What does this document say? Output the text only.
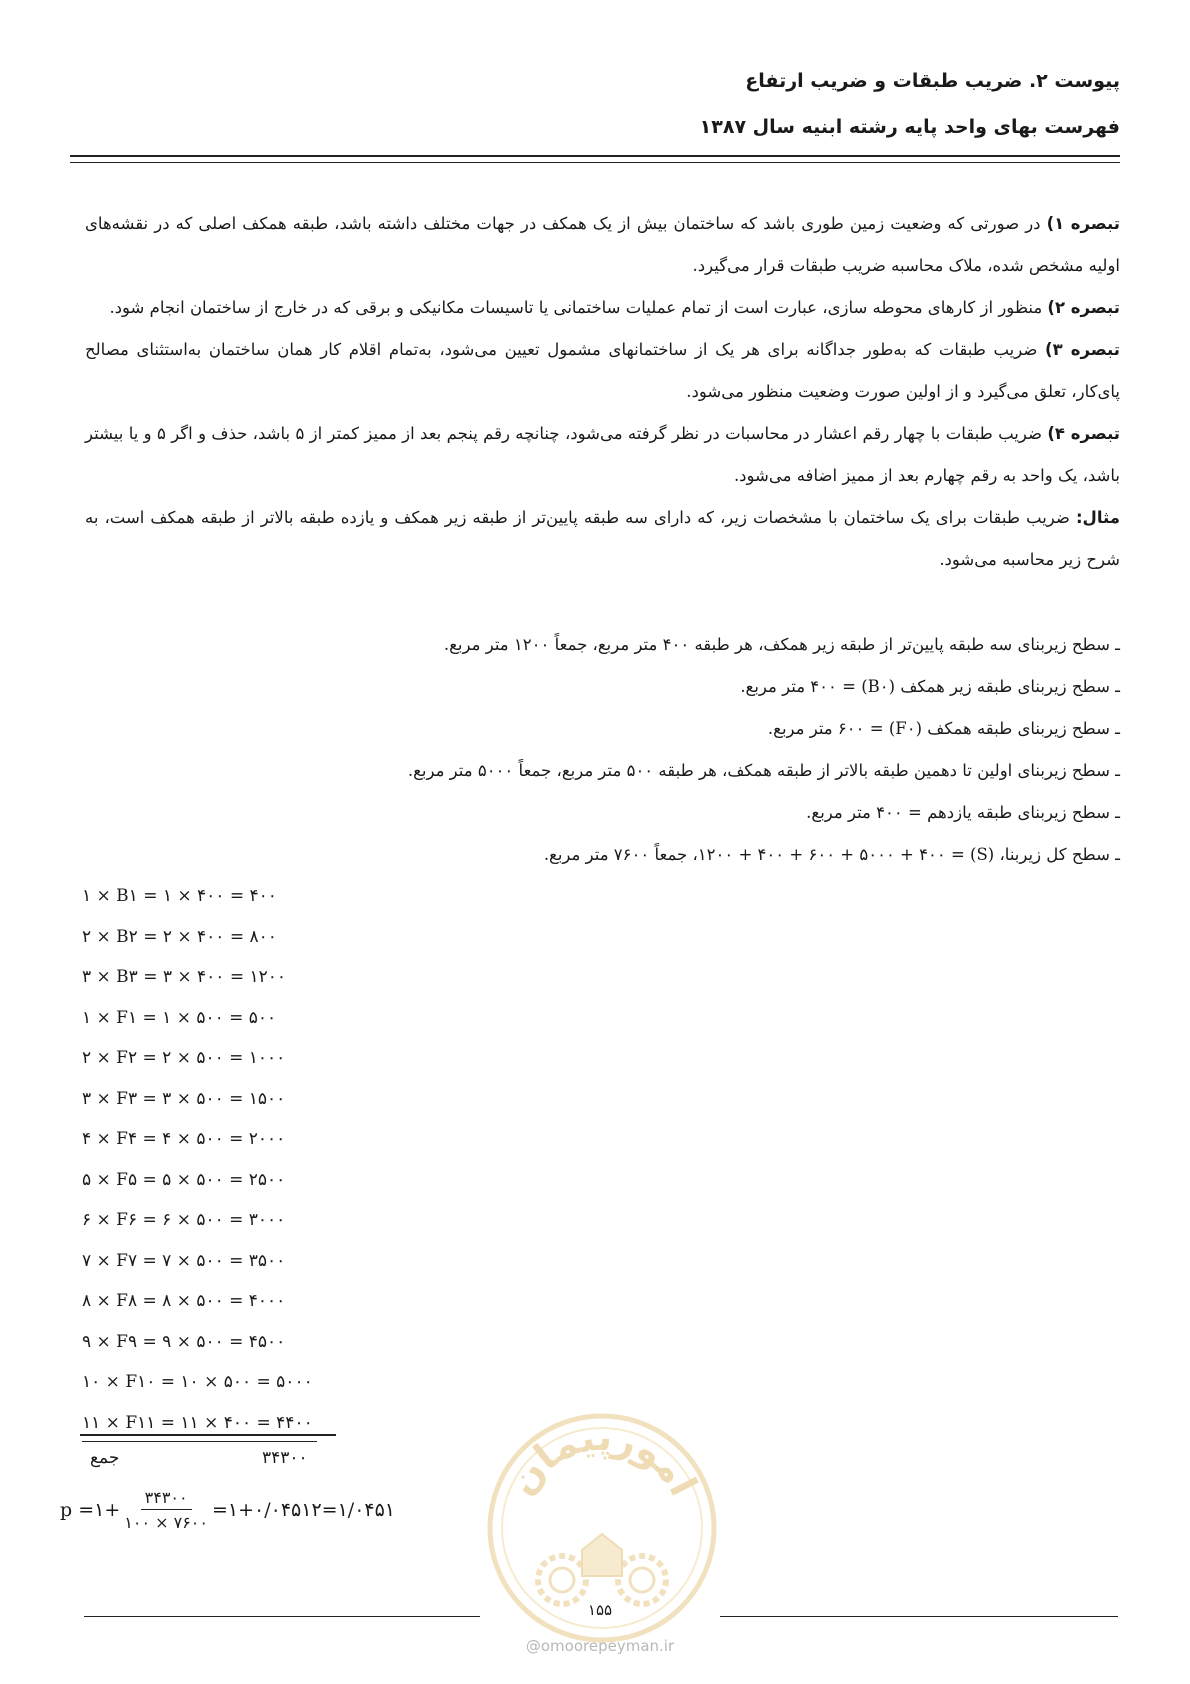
پیوست ۲. ضریب طبقات و ضریب ارتفاع
فهرست بهای واحد پایه رشته ابنیه سال ۱۳۸۷

تبصره ۱) در صورتی که وضعیت زمین طوری باشد که ساختمان بیش از یک همکف در جهات مختلف داشته باشد، طبقه همکف اصلی که در نقشه‌های اولیه مشخص شده، ملاک محاسبه ضریب طبقات قرار می‌گیرد.

تبصره ۲) منظور از کارهای محوطه سازی، عبارت است از تمام عملیات ساختمانی یا تاسیسات مکانیکی و برقی که در خارج از ساختمان انجام شود.

تبصره ۳) ضریب طبقات که به‌طور جداگانه برای هر یک از ساختمانهای مشمول تعیین می‌شود، به‌تمام اقلام کار همان ساختمان به‌استثنای مصالح پای‌کار، تعلق می‌گیرد و از اولین صورت وضعیت منظور می‌شود.

تبصره ۴) ضریب طبقات با چهار رقم اعشار در محاسبات در نظر گرفته می‌شود، چنانچه رقم پنجم بعد از ممیز کمتر از ۵ باشد، حذف و اگر ۵ و یا بیشتر باشد، یک واحد به رقم چهارم بعد از ممیز اضافه می‌شود.

مثال: ضریب طبقات برای یک ساختمان با مشخصات زیر، که دارای سه طبقه پایین‌تر از طبقه زیر همکف و یازده طبقه بالاتر از طبقه همکف است، به شرح زیر محاسبه می‌شود.

ـ سطح زیربنای سه طبقه پایین‌تر از طبقه زیر همکف، هر طبقه ۴۰۰ متر مربع، جمعاً ۱۲۰۰ متر مربع.

ـ سطح زیربنای طبقه زیر همکف (B۰) = ۴۰۰ متر مربع.

ـ سطح زیربنای طبقه همکف (F۰) = ۶۰۰ متر مربع.

ـ سطح زیربنای اولین تا دهمین طبقه بالاتر از طبقه همکف، هر طبقه ۵۰۰ متر مربع، جمعاً ۵۰۰۰ متر مربع.

ـ سطح زیربنای طبقه یازدهم = ۴۰۰ متر مربع.

ـ سطح کل زیربنا، (S) = ۱۲۰۰ + ۴۰۰ + ۶۰۰ + ۵۰۰۰ + ۴۰۰، جمعاً ۷۶۰۰ متر مربع.

۱ × B۱ = ۱ × ۴۰۰ = ۴۰۰
۲ × B۲ = ۲ × ۴۰۰ = ۸۰۰
۳ × B۳ = ۳ × ۴۰۰ = ۱۲۰۰
۱ × F۱ = ۱ × ۵۰۰ = ۵۰۰
۲ × F۲ = ۲ × ۵۰۰ = ۱۰۰۰
۳ × F۳ = ۳ × ۵۰۰ = ۱۵۰۰
۴ × F۴ = ۴ × ۵۰۰ = ۲۰۰۰
۵ × F۵ = ۵ × ۵۰۰ = ۲۵۰۰
۶ × F۶ = ۶ × ۵۰۰ = ۳۰۰۰
۷ × F۷ = ۷ × ۵۰۰ = ۳۵۰۰
۸ × F۸ = ۸ × ۵۰۰ = ۴۰۰۰
۹ × F۹ = ۹ × ۵۰۰ = ۴۵۰۰
۱۰ × F۱۰ = ۱۰ × ۵۰۰ = ۵۰۰۰
۱۱ × F۱۱ = ۱۱ × ۴۰۰ = ۴۴۰۰
جمع	۳۴۳۰۰
p =۱+ $\frac{۳۴۳۰۰}{۱۰۰ \times ۷۶۰۰}$ =۱+۰/۰۴۵۱۲=۱/۰۴۵۱
امورپیمان
۱۵۵
@omoorepeyman.ir
